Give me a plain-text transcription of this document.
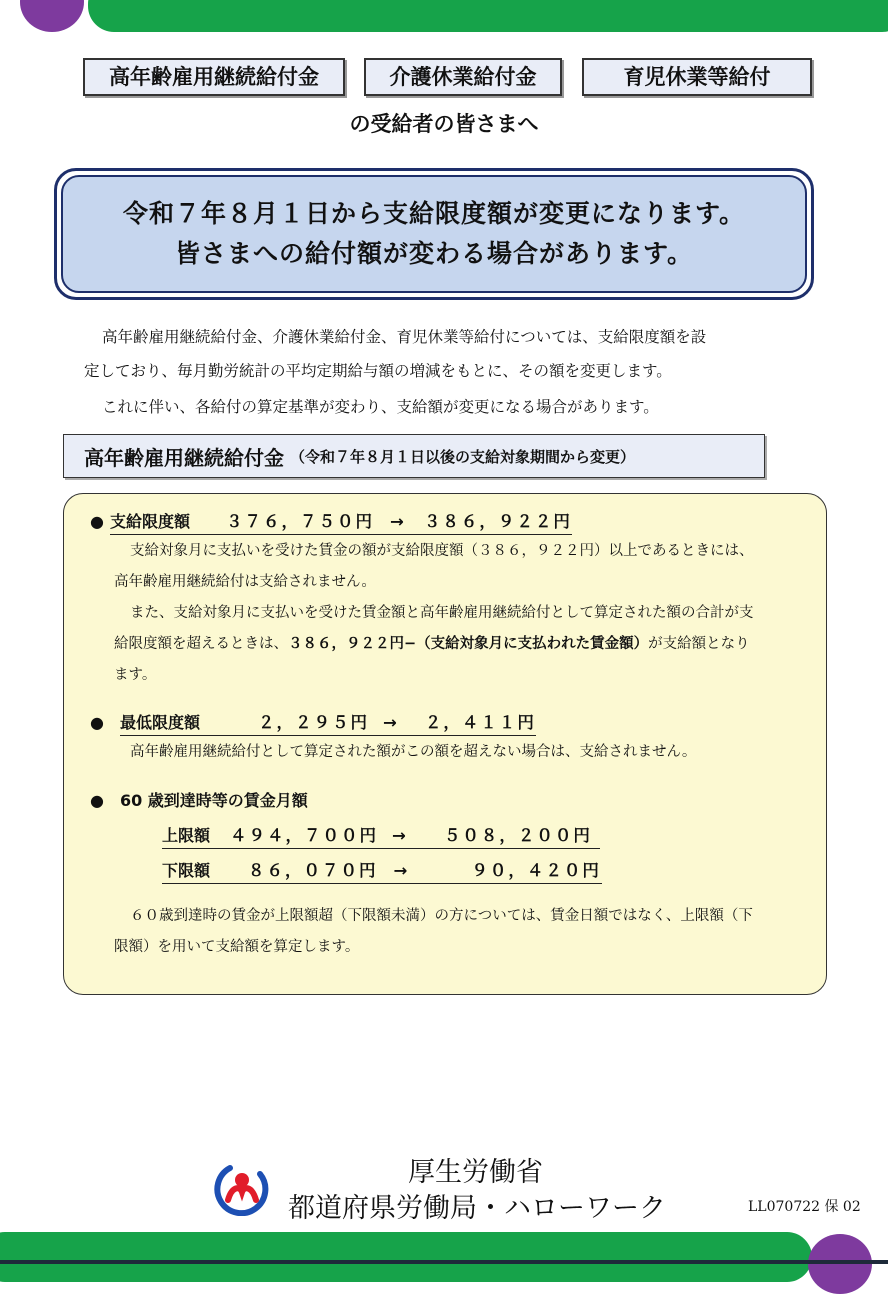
高年齢雇用継続給付金	介護休業給付金	育児休業等給付
の受給者の皆さまへ
令和７年８月１日から支給限度額が変更になります。
皆さまへの給付額が変わる場合があります。
高年齢雇用継続給付金、介護休業給付金、育児休業等給付については、支給限度額を設
定しており、毎月勤労統計の平均定期給与額の増減をもとに、その額を変更します。
これに伴い、各給付の算定基準が変わり、支給額が変更になる場合があります。
高年齢雇用継続給付金 （令和７年８月１日以後の支給対象期間から変更）
● 支給限度額 ３７６，７５０円 → ３８６，９２２円
支給対象月に支払いを受けた賃金の額が支給限度額（３８６，９２２円）以上であるときには、
高年齢雇用継続給付は支給されません。
また、支給対象月に支払いを受けた賃金額と高年齢雇用継続給付として算定された額の合計が支
給限度額を超えるときは、３８６，９２２円−（支給対象月に支払われた賃金額）が支給額となり
ます。
● 最低限度額	２，２９５円 → ２，４１１円
高年齢雇用継続給付として算定された額がこの額を超えない場合は、支給されません。
● 60 歳到達時等の賃金月額
上限額 ４９４，７００円 → ５０８，２００円
下限額 ８６，０７０円 →	９０，４２０円
６０歳到達時の賃金が上限額超（下限額未満）の方については、賃金日額ではなく、上限額（下
限額）を用いて支給額を算定します。
厚生労働省
都道府県労働局・ハローワーク	LL070722 保 02
